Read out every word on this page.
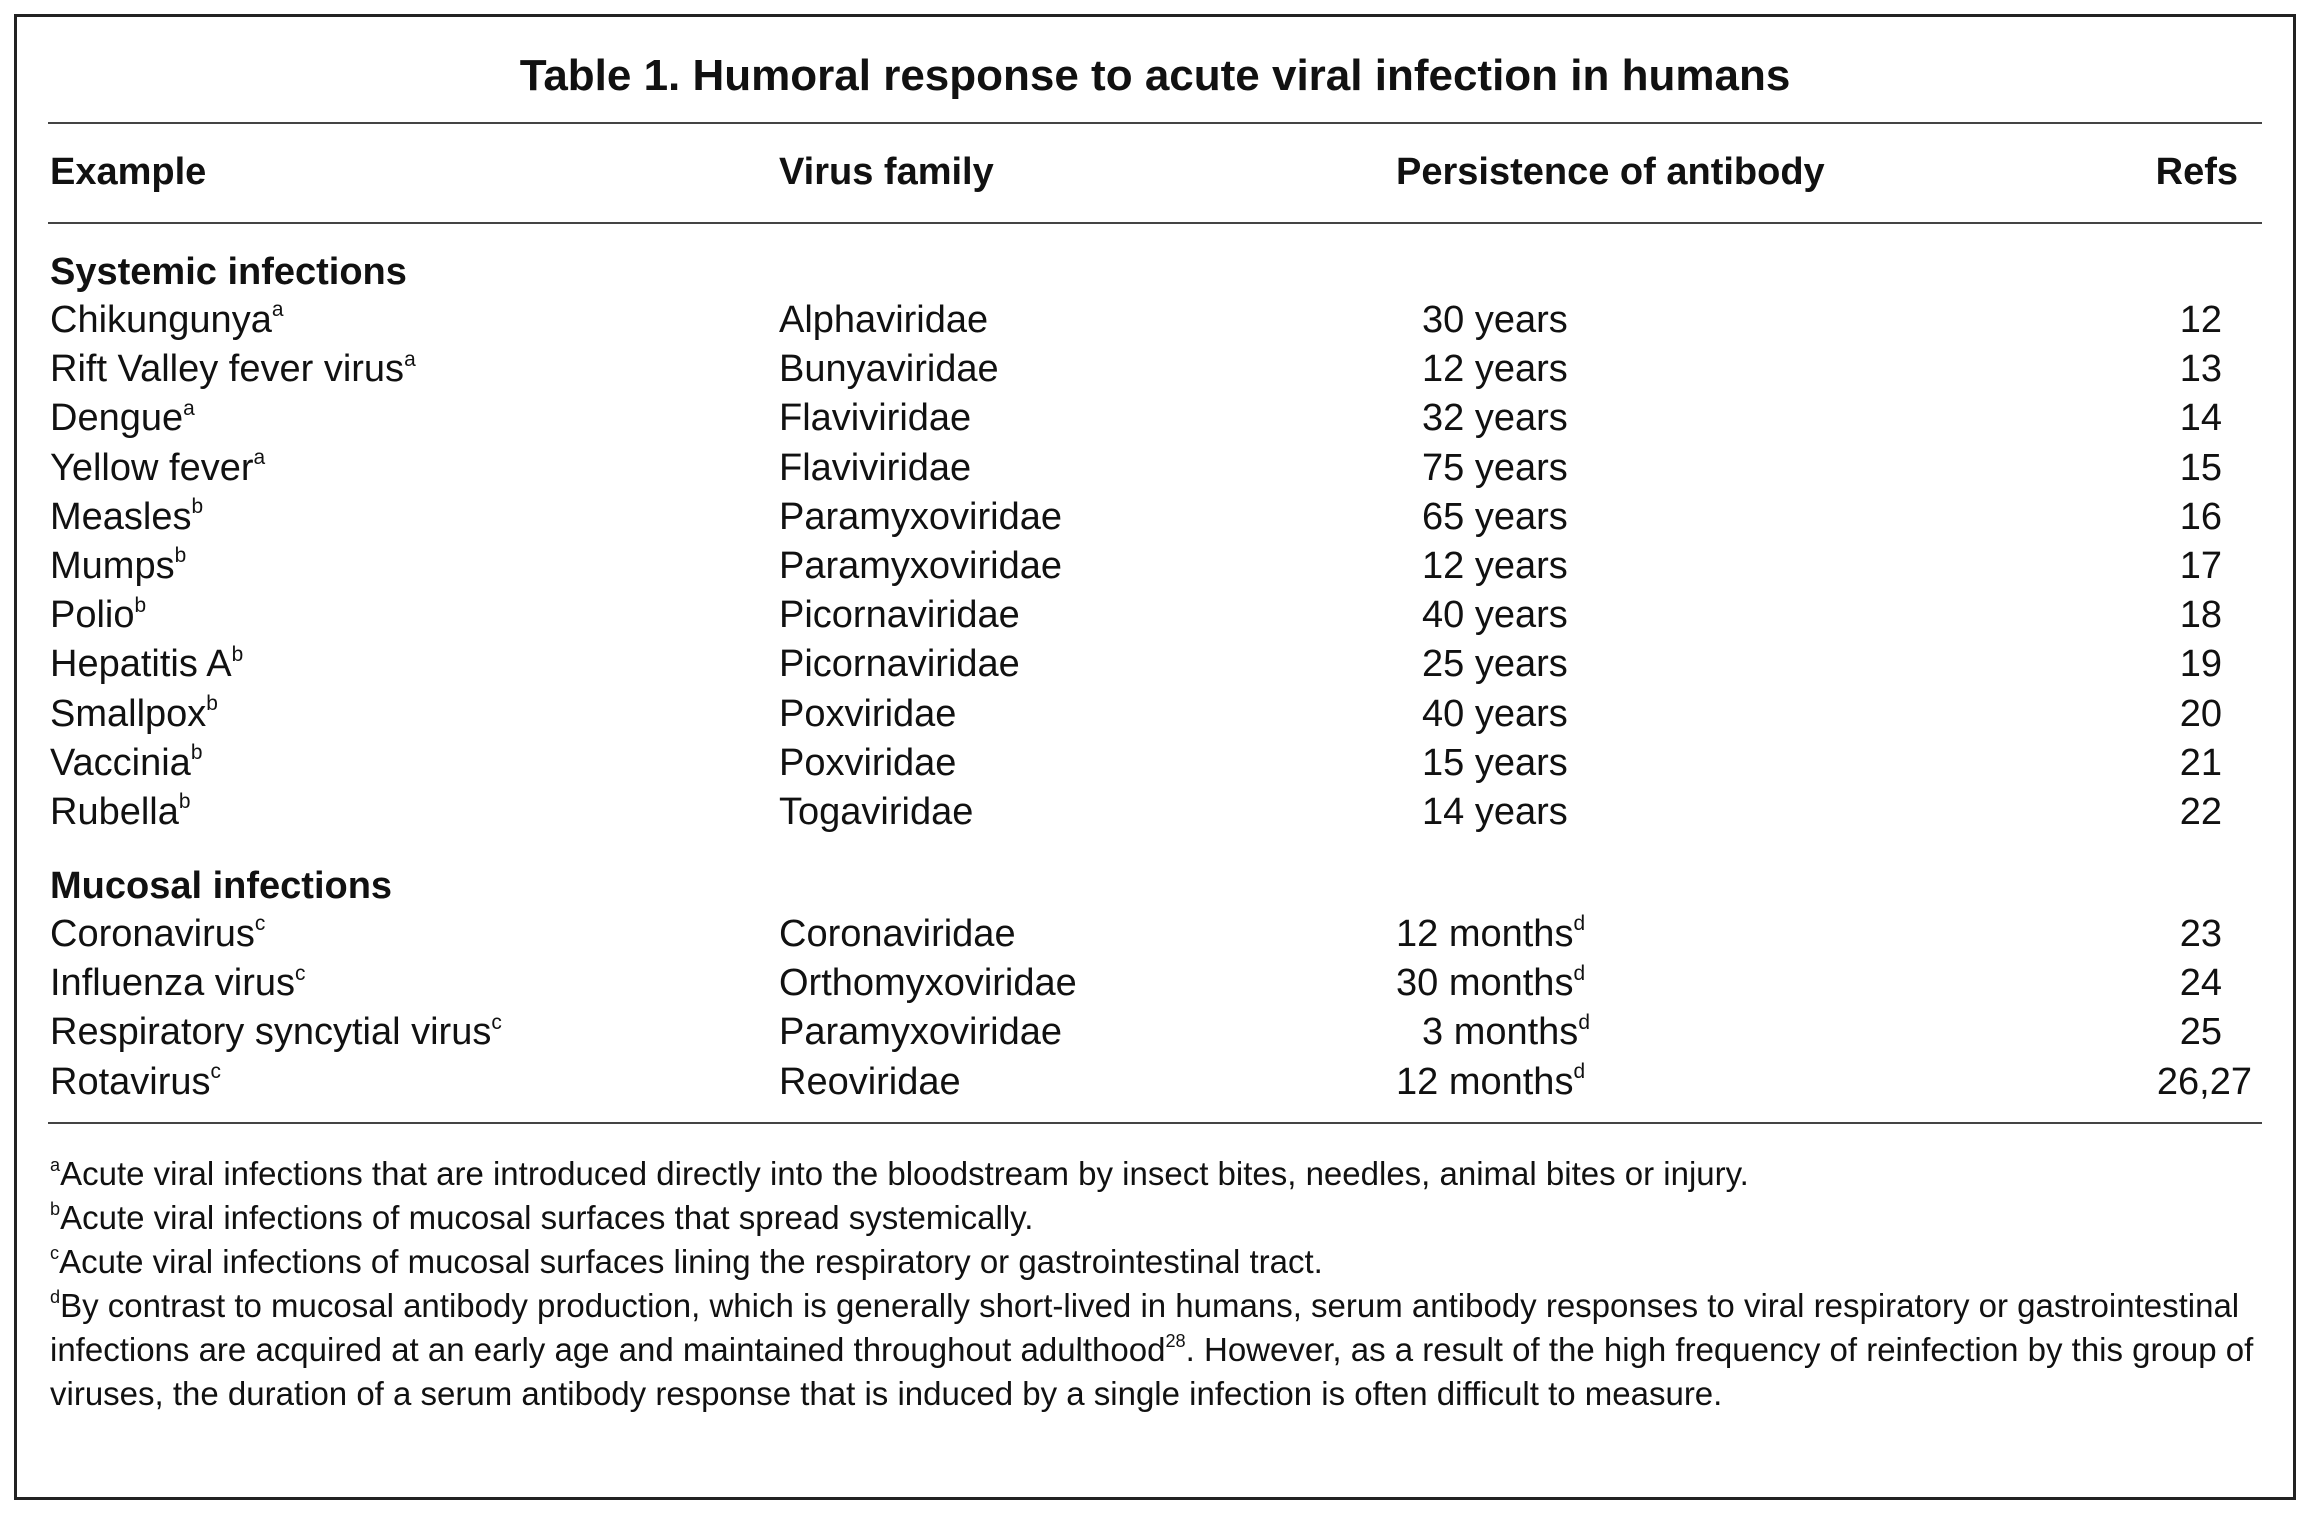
Table 1. Humoral response to acute viral infection in humans
Example	Virus family	Persistence of antibody	Refs
Systemic infections
Chikungunya$^a$	Alphaviridae	30 years	12
Rift Valley fever virus$^a$	Bunyaviridae	12 years	13
Dengue$^a$	Flaviviridae	32 years	14
Yellow fever$^a$	Flaviviridae	75 years	15
Measles$^b$	Paramyxoviridae	65 years	16
Mumps$^b$	Paramyxoviridae	12 years	17
Polio$^b$	Picornaviridae	40 years	18
Hepatitis $A^b$	Picornaviridae	25 years	19
Smallpox$^b$	Poxviridae	40 years	20
Vaccinia$^b$	Poxviridae	15 years	21
Rubella$^b$	Togaviridae	14 years	22
Mucosal infections
Coronavirus$^c$	Coronaviridae	12 months$^d$	23
Influenza virus$^c$	Orthomyxoviridae	30 months$^d$	24
Respiratory syncytial virus$^c$	Paramyxoviridae	3 months$^d$	25
Rotavirus$^c$	Reoviridae	12 months$^d$	26,27

$^a$Acute viral infections that are introduced directly into the bloodstream by insect bites, needles, animal bites or injury.

$^b$Acute viral infections of mucosal surfaces that spread systemically.

$^c$Acute viral infections of mucosal surfaces lining the respiratory or gastrointestinal tract.

$^d$By contrast to mucosal antibody production, which is generally short-lived in humans, serum antibody responses to viral respiratory or gastrointestinal infections are acquired at an early age and maintained throughout adulthood$^{28}$. However, as a result of the high frequency of reinfection by this group of viruses, the duration of a serum antibody response that is induced by a single infection is often difficult to measure.
